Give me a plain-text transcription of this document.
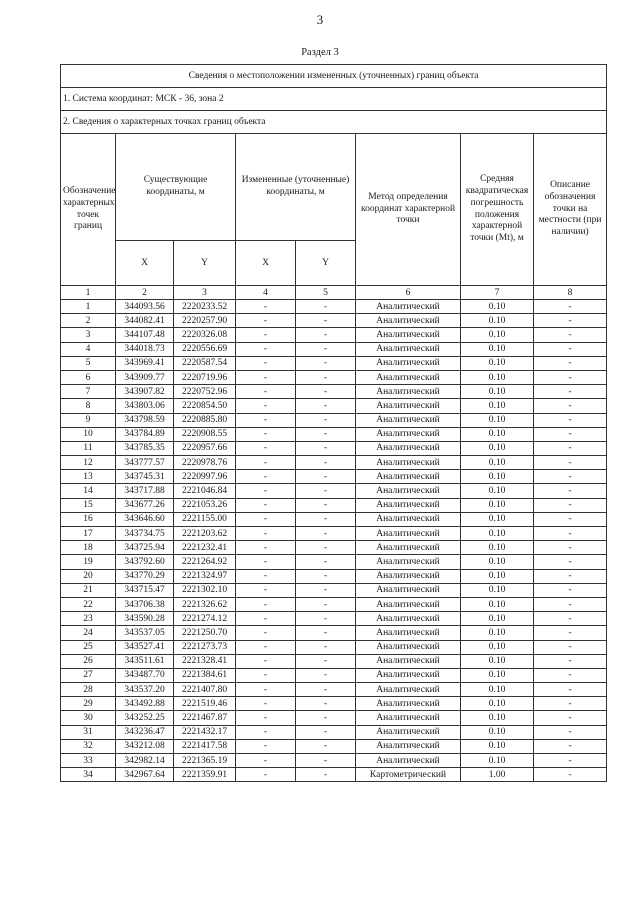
3
Раздел 3
Сведения о местоположении измененных (уточненных) границ объекта							
1. Система координат: МСК - 36, зона 2							
2. Сведения о характерных точках границ объекта							
Обозначение характерных точек границ	Существующие координаты, м		Измененные (уточненные) координаты, м		Метод определения координат характерной точки	Средняя квадратическая погрешность положения характерной точки (Mt), м	Описание обозначения точки на местности (при наличии)
	X	Y	X	Y			
1	2	3	4	5	6	7	8
1	344093.56	2220233.52	-	-	Аналитический	0.10	-
2	344082.41	2220257.90	-	-	Аналитический	0.10	-
3	344107.48	2220326.08	-	-	Аналитический	0.10	-
4	344018.73	2220556.69	-	-	Аналитический	0.10	-
5	343969.41	2220587.54	-	-	Аналитический	0.10	-
6	343909.77	2220719.96	-	-	Аналитический	0.10	-
7	343907.82	2220752.96	-	-	Аналитический	0.10	-
8	343803.06	2220854.50	-	-	Аналитический	0.10	-
9	343798.59	2220885.80	-	-	Аналитический	0.10	-
10	343784.89	2220908.55	-	-	Аналитический	0.10	-
11	343785.35	2220957.66	-	-	Аналитический	0.10	-
12	343777.57	2220978.76	-	-	Аналитический	0.10	-
13	343745.31	2220997.96	-	-	Аналитический	0.10	-
14	343717.88	2221046.84	-	-	Аналитический	0.10	-
15	343677.26	2221053.26	-	-	Аналитический	0.10	-
16	343646.60	2221155.00	-	-	Аналитический	0.10	-
17	343734.75	2221203.62	-	-	Аналитический	0.10	-
18	343725.94	2221232.41	-	-	Аналитический	0.10	-
19	343792.60	2221264.92	-	-	Аналитический	0.10	-
20	343770.29	2221324.97	-	-	Аналитический	0.10	-
21	343715.47	2221302.10	-	-	Аналитический	0.10	-
22	343706.38	2221326.62	-	-	Аналитический	0.10	-
23	343590.28	2221274.12	-	-	Аналитический	0.10	-
24	343537.05	2221250.70	-	-	Аналитический	0.10	-
25	343527.41	2221273.73	-	-	Аналитический	0.10	-
26	343511.61	2221328.41	-	-	Аналитический	0.10	-
27	343487.70	2221384.61	-	-	Аналитический	0.10	-
28	343537.20	2221407.80	-	-	Аналитический	0.10	-
29	343492.88	2221519.46	-	-	Аналитический	0.10	-
30	343252.25	2221467.87	-	-	Аналитический	0.10	-
31	343236.47	2221432.17	-	-	Аналитический	0.10	-
32	343212.08	2221417.58	-	-	Аналитический	0.10	-
33	342982.14	2221365.19	-	-	Аналитический	0.10	-
34	342967.64	2221359.91	-	-	Картометрический	1.00	-
